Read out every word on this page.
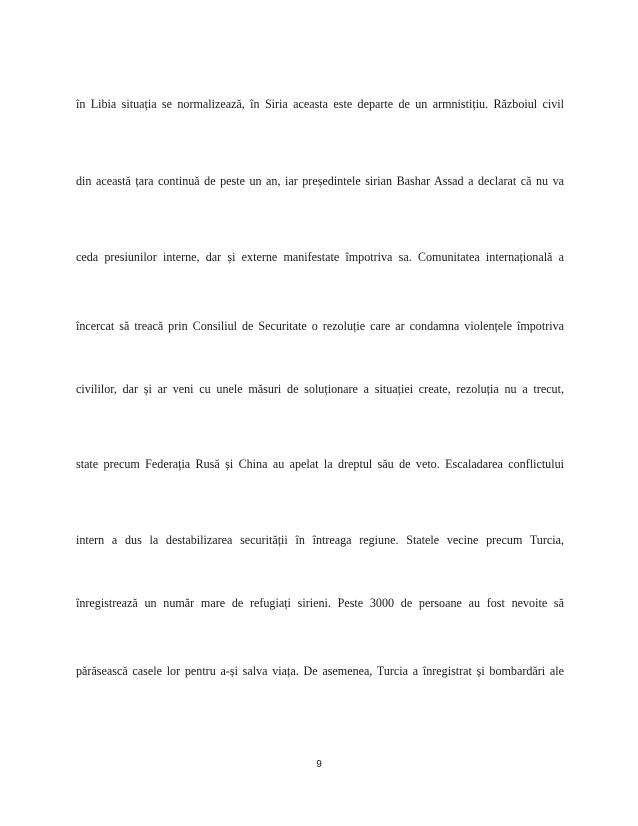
în Libia situația se normalizează, în Siria aceasta este departe de un armnistițiu. Războiul civil
din această țara continuă de peste un an, iar președintele sirian Bashar Assad a declarat că nu va
ceda presiunilor interne, dar și externe manifestate împotriva sa. Comunitatea internațională a
încercat să treacă prin Consiliul de Securitate o rezoluție care ar condamna violențele împotriva
civililor, dar și ar veni cu unele măsuri de soluționare a situației create, rezoluția nu a trecut,
state precum Federația Rusă și China au apelat la dreptul său de veto. Escaladarea conflictului
intern a dus la destabilizarea securității în întreaga regiune. Statele vecine precum Turcia,
înregistrează un număr mare de refugiați sirieni. Peste 3000 de persoane au fost nevoite să
părăsească casele lor pentru a-și salva viața. De asemenea, Turcia a înregistrat și bombardări ale
9
